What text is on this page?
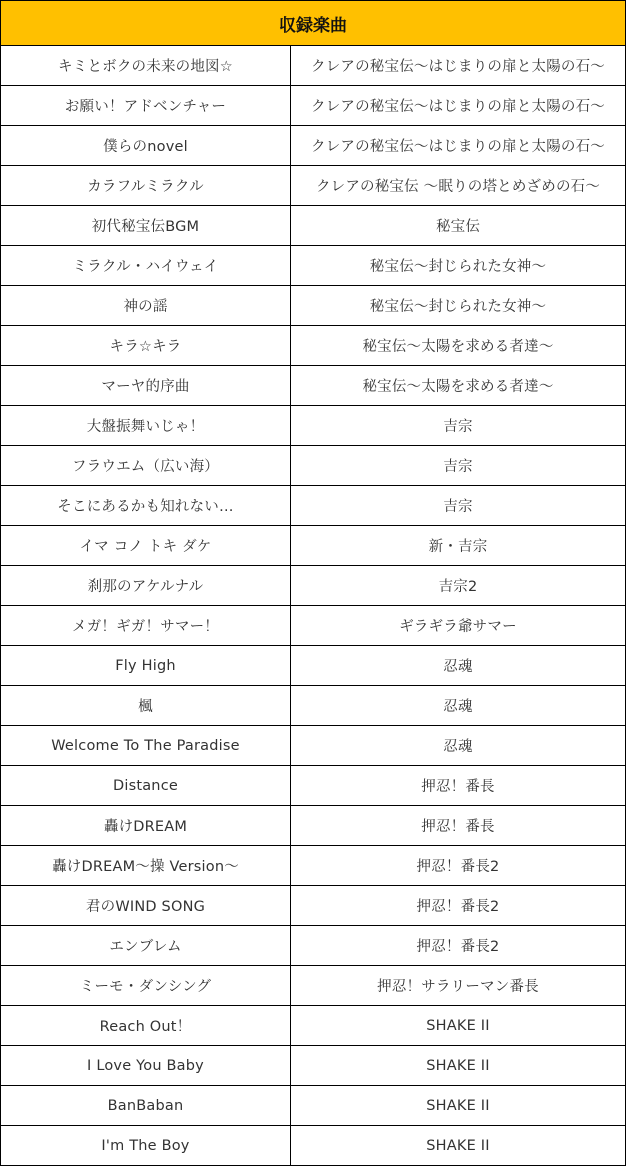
収録楽曲	
キミとボクの未来の地図☆	クレアの秘宝伝〜はじまりの扉と太陽の石〜
お願い！アドベンチャー	クレアの秘宝伝〜はじまりの扉と太陽の石〜
僕らのnovel	クレアの秘宝伝〜はじまりの扉と太陽の石〜
カラフルミラクル	クレアの秘宝伝 〜眠りの塔とめざめの石〜
初代秘宝伝BGM	秘宝伝
ミラクル・ハイウェイ	秘宝伝〜封じられた女神〜
神の謡	秘宝伝〜封じられた女神〜
キラ☆キラ	秘宝伝〜太陽を求める者達〜
マーヤ的序曲	秘宝伝〜太陽を求める者達〜
大盤振舞いじゃ！	吉宗
フラウエム（広い海）	吉宗
そこにあるかも知れない…	吉宗
イマ コノ トキ ダケ	新・吉宗
刹那のアケルナル	吉宗2
メガ！ギガ！サマー！	ギラギラ爺サマー
Fly High	忍魂
楓	忍魂
Welcome To The Paradise	忍魂
Distance	押忍！番長
轟けDREAM	押忍！番長
轟けDREAM〜操 Version〜	押忍！番長2
君のWIND SONG	押忍！番長2
エンブレム	押忍！番長2
ミーモ・ダンシング	押忍！サラリーマン番長
Reach Out！	SHAKE II
I Love You Baby	SHAKE II
BanBaban	SHAKE II
I'm The Boy	SHAKE II
